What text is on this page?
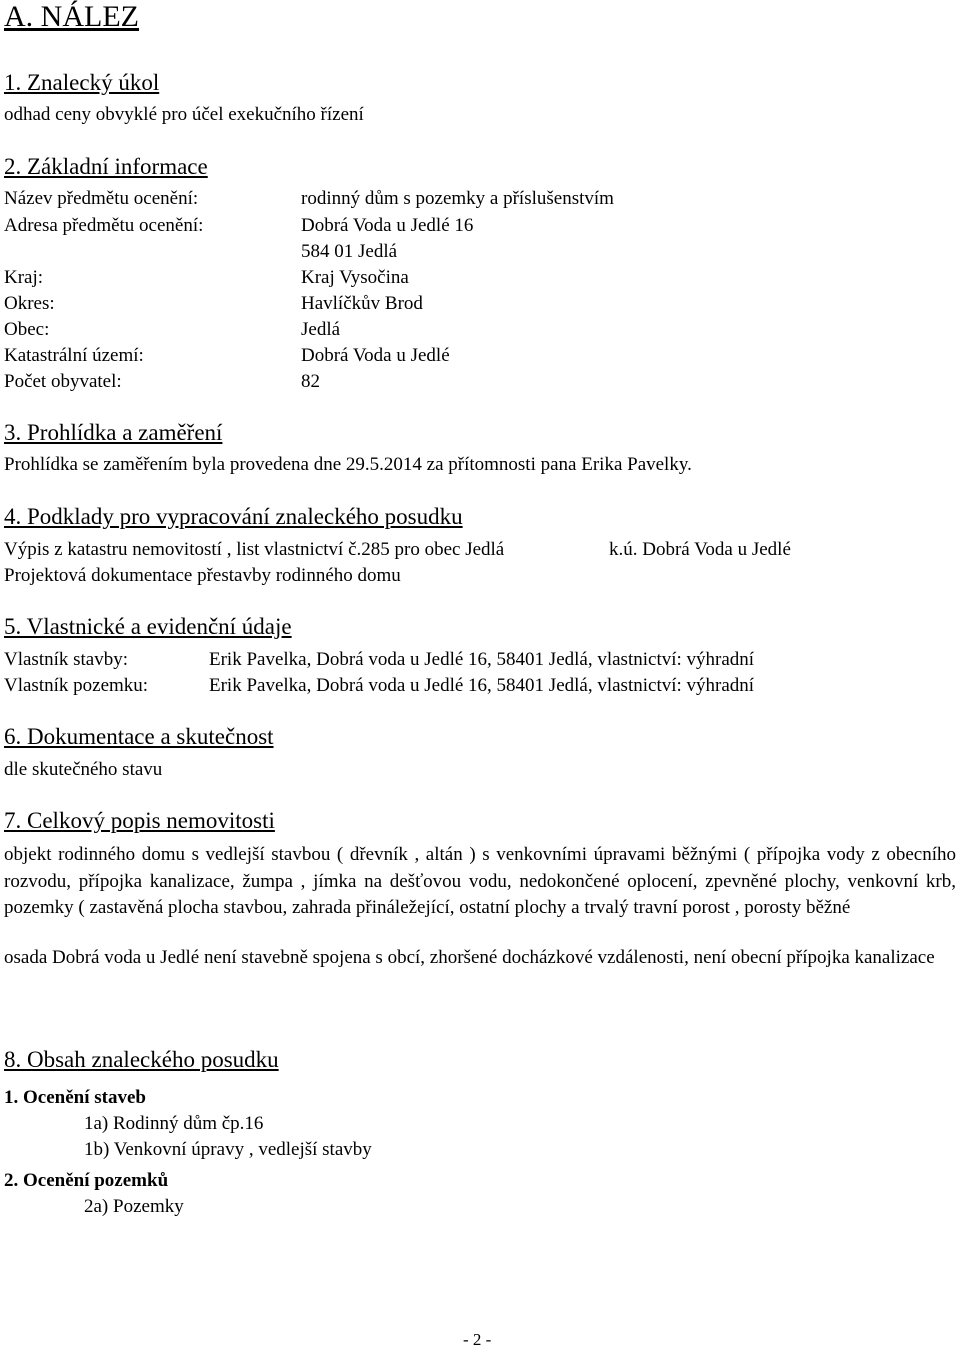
A. NÁLEZ
1. Znalecký úkol
odhad ceny obvyklé pro účel exekučního řízení
2. Základní informace
Název předmětu ocenění:	rodinný dům s pozemky a příslušenstvím
Adresa předmětu ocenění:	Dobrá Voda u Jedlé 16
584 01 Jedlá
Kraj:	Kraj Vysočina
Okres:	Havlíčkův Brod
Obec:	Jedlá
Katastrální území:	Dobrá Voda u Jedlé
Počet obyvatel:	82
3. Prohlídka a zaměření
Prohlídka se zaměřením byla provedena dne 29.5.2014 za přítomnosti pana Erika Pavelky.
4. Podklady pro vypracování znaleckého posudku
Výpis z katastru nemovitostí , list vlastnictví č.285 pro obec Jedlá	k.ú. Dobrá Voda u Jedlé
Projektová dokumentace přestavby rodinného domu
5. Vlastnické a evidenční údaje
Vlastník stavby:	Erik Pavelka, Dobrá voda u Jedlé 16, 58401 Jedlá, vlastnictví: výhradní
Vlastník pozemku:	Erik Pavelka, Dobrá voda u Jedlé 16, 58401 Jedlá, vlastnictví: výhradní
6. Dokumentace a skutečnost
dle skutečného stavu
7. Celkový popis nemovitosti
objekt rodinného domu s vedlejší stavbou ( dřevník , altán ) s venkovními úpravami běžnými ( přípojka vody z obecního rozvodu, přípojka kanalizace, žumpa , jímka na dešťovou vodu, nedokončené oplocení, zpevněné plochy, venkovní krb, pozemky ( zastavěná plocha stavbou, zahrada přináležející, ostatní plochy a trvalý travní porost , porosty běžné
osada Dobrá voda u Jedlé není stavebně spojena s obcí, zhoršené docházkové vzdálenosti, není obecní přípojka kanalizace
8. Obsah znaleckého posudku
1. Ocenění staveb
1a) Rodinný dům čp.16
1b) Venkovní úpravy , vedlejší stavby
2. Ocenění pozemků
2a) Pozemky
- 2 -
